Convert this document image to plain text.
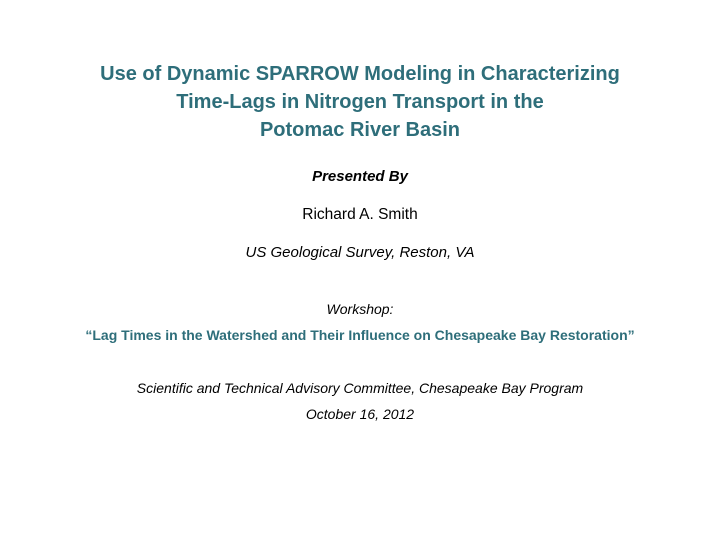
Use of Dynamic SPARROW Modeling in Characterizing
Time-Lags in Nitrogen Transport in the
Potomac River Basin
Presented By
Richard A. Smith
US Geological Survey, Reston, VA
Workshop:
“Lag Times in the Watershed and Their Influence on Chesapeake Bay Restoration”
Scientific and Technical Advisory Committee, Chesapeake Bay Program
October 16, 2012
